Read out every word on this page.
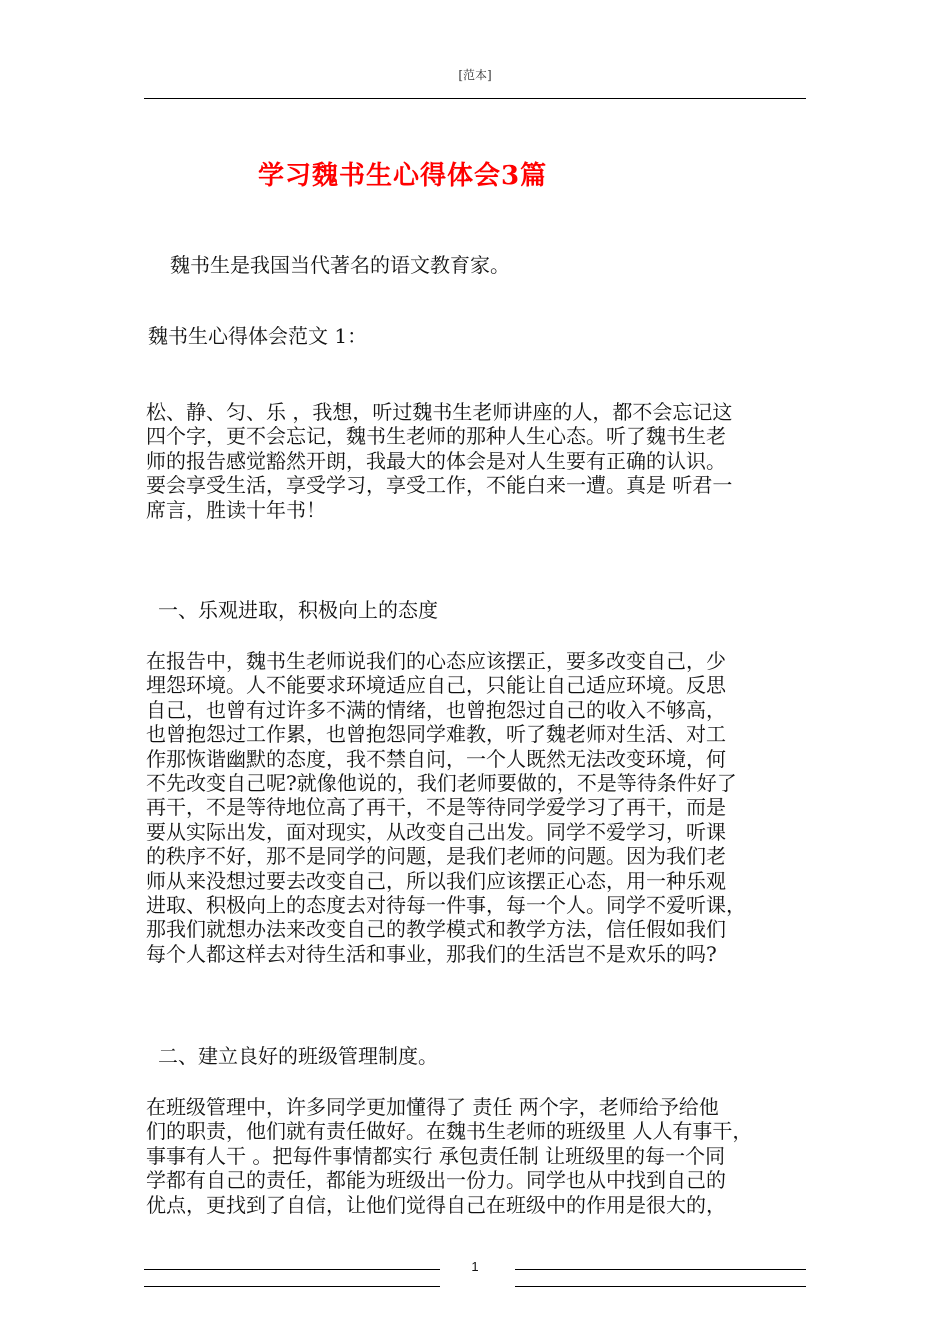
[范本]
学习魏书生心得体会3篇
魏书生是我国当代著名的语文教育家。
魏书生心得体会范文 1：
松、静、匀、乐 ，我想，听过魏书生老师讲座的人，都不会忘记这
四个字，更不会忘记，魏书生老师的那种人生心态。听了魏书生老
师的报告感觉豁然开朗，我最大的体会是对人生要有正确的认识。
要会享受生活，享受学习，享受工作，不能白来一遭。真是 听君一
席言，胜读十年书！
一、乐观进取，积极向上的态度
在报告中，魏书生老师说我们的心态应该摆正，要多改变自己，少
埋怨环境。人不能要求环境适应自己，只能让自己适应环境。反思
自己，也曾有过许多不满的情绪，也曾抱怨过自己的收入不够高，
也曾抱怨过工作累，也曾抱怨同学难教，听了魏老师对生活、对工
作那恢谐幽默的态度，我不禁自问，一个人既然无法改变环境，何
不先改变自己呢?就像他说的，我们老师要做的，不是等待条件好了
再干，不是等待地位高了再干，不是等待同学爱学习了再干，而是
要从实际出发，面对现实，从改变自己出发。同学不爱学习，听课
的秩序不好，那不是同学的问题，是我们老师的问题。因为我们老
师从来没想过要去改变自己，所以我们应该摆正心态，用一种乐观
进取、积极向上的态度去对待每一件事，每一个人。同学不爱听课，
那我们就想办法来改变自己的教学模式和教学方法，信任假如我们
每个人都这样去对待生活和事业，那我们的生活岂不是欢乐的吗?
二、建立良好的班级管理制度。
在班级管理中，许多同学更加懂得了 责任 两个字，老师给予给他
们的职责，他们就有责任做好。在魏书生老师的班级里 人人有事干，
事事有人干 。把每件事情都实行 承包责任制 让班级里的每一个同
学都有自己的责任，都能为班级出一份力。同学也从中找到自己的
优点，更找到了自信，让他们觉得自己在班级中的作用是很大的，
1
